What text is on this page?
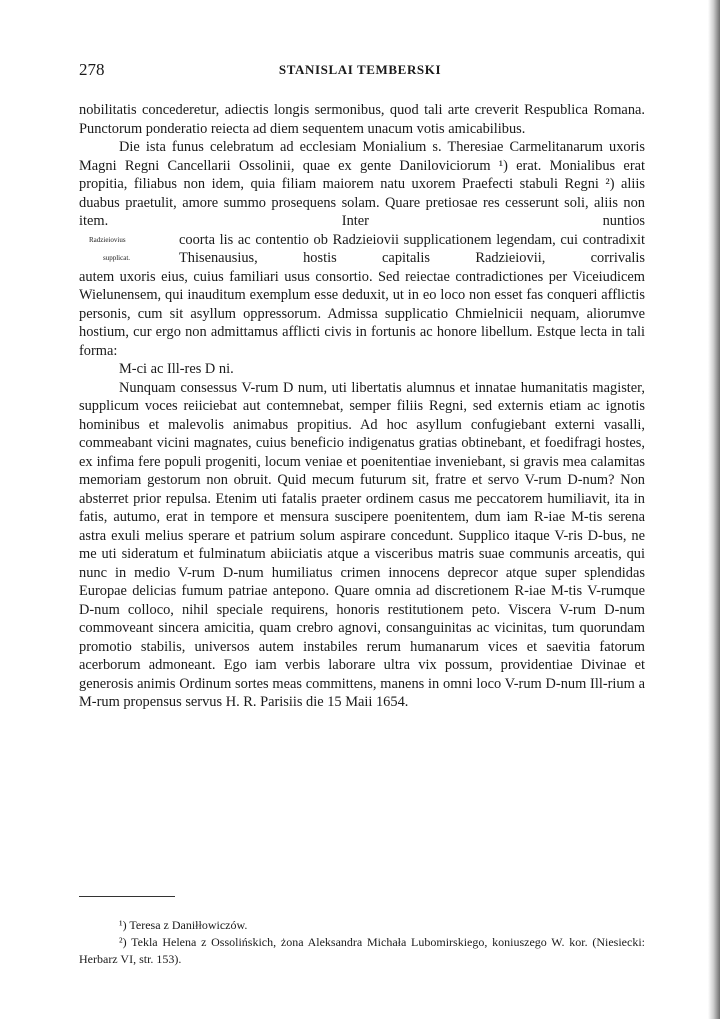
278	STANISLAI TEMBERSKI

nobilitatis concederetur, adiectis longis sermonibus, quod tali arte creverit Respublica Romana. Punctorum ponderatio reiecta ad diem sequentem unacum votis amicabilibus.

Die ista funus celebratum ad ecclesiam Monialium s. Theresiae Carmelitanarum uxoris Magni Regni Cancellarii Ossolinii, quae ex gente Daniloviciorum ¹) erat. Monialibus erat propitia, filiabus non idem, quia filiam maiorem natu uxorem Praefecti stabuli Regni ²) aliis duabus praetulit, amore summo prosequens solam. Quare pretiosae res cesserunt soli, aliis non item. Inter nuntios

Radzieiovius
supplicat.

coorta lis ac contentio ob Radzieiovii supplicationem legendam, cui contradixit Thisenausius, hostis capitalis Radzieiovii, corrivalis

autem uxoris eius, cuius familiari usus consortio. Sed reiectae contradictiones per Viceiudicem Wielunensem, qui inauditum exemplum esse deduxit, ut in eo loco non esset fas conqueri afflictis personis, cum sit asyllum oppressorum. Admissa supplicatio Chmielnicii nequam, aliorumve hostium, cur ergo non admittamus afflicti civis in fortunis ac honore libellum. Estque lecta in tali forma:

M-ci ac Ill-res D ni.

Nunquam consessus V-rum D num, uti libertatis alumnus et innatae humanitatis magister, supplicum voces reiiciebat aut contemnebat, semper filiis Regni, sed externis etiam ac ignotis hominibus et malevolis animabus propitius. Ad hoc asyllum confugiebant externi vasalli, commeabant vicini magnates, cuius beneficio indigenatus gratias obtinebant, et foedifragi hostes, ex infima fere populi progeniti, locum veniae et poenitentiae inveniebant, si gravis mea calamitas memoriam gestorum non obruit. Quid mecum futurum sit, fratre et servo V-rum D-num? Non absterret prior repulsa. Etenim uti fatalis praeter ordinem casus me peccatorem humiliavit, ita in fatis, autumo, erat in tempore et mensura suscipere poenitentem, dum iam R-iae M-tis serena astra exuli melius sperare et patrium solum aspirare concedunt. Supplico itaque V-ris D-bus, ne me uti sideratum et fulminatum abiiciatis atque a visceribus matris suae communis arceatis, qui nunc in medio V-rum D-num humiliatus crimen innocens deprecor atque super splendidas Europae delicias fumum patriae antepono. Quare omnia ad discretionem R-iae M-tis V-rumque D-num colloco, nihil speciale requirens, honoris restitutionem peto. Viscera V-rum D-num commoveant sincera amicitia, quam crebro agnovi, consanguinitas ac vicinitas, tum quorundam promotio stabilis, universos autem instabiles rerum humanarum vices et saevitia fatorum acerborum admoneant. Ego iam verbis laborare ultra vix possum, providentiae Divinae et generosis animis Ordinum sortes meas committens, manens in omni loco V-rum D-num Ill-rium a M-rum propensus servus H. R. Parisiis die 15 Maii 1654.

¹) Teresa z Daniłłowiczów.

²) Tekla Helena z Ossolińskich, żona Aleksandra Michała Lubomirskiego, koniuszego W. kor. (Niesiecki: Herbarz VI, str. 153).
